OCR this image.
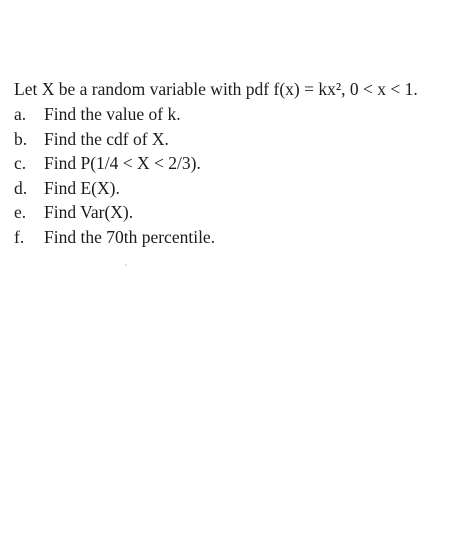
Let X be a random variable with pdf f(x) = kx², 0 < x < 1.

a.	Find the value of k.
b. Find the cdf of X.
c.	Find P(1/4 < X < 2/3).
d. Find E(X).
e.	Find Var(X).
f.	Find the 70th percentile.
